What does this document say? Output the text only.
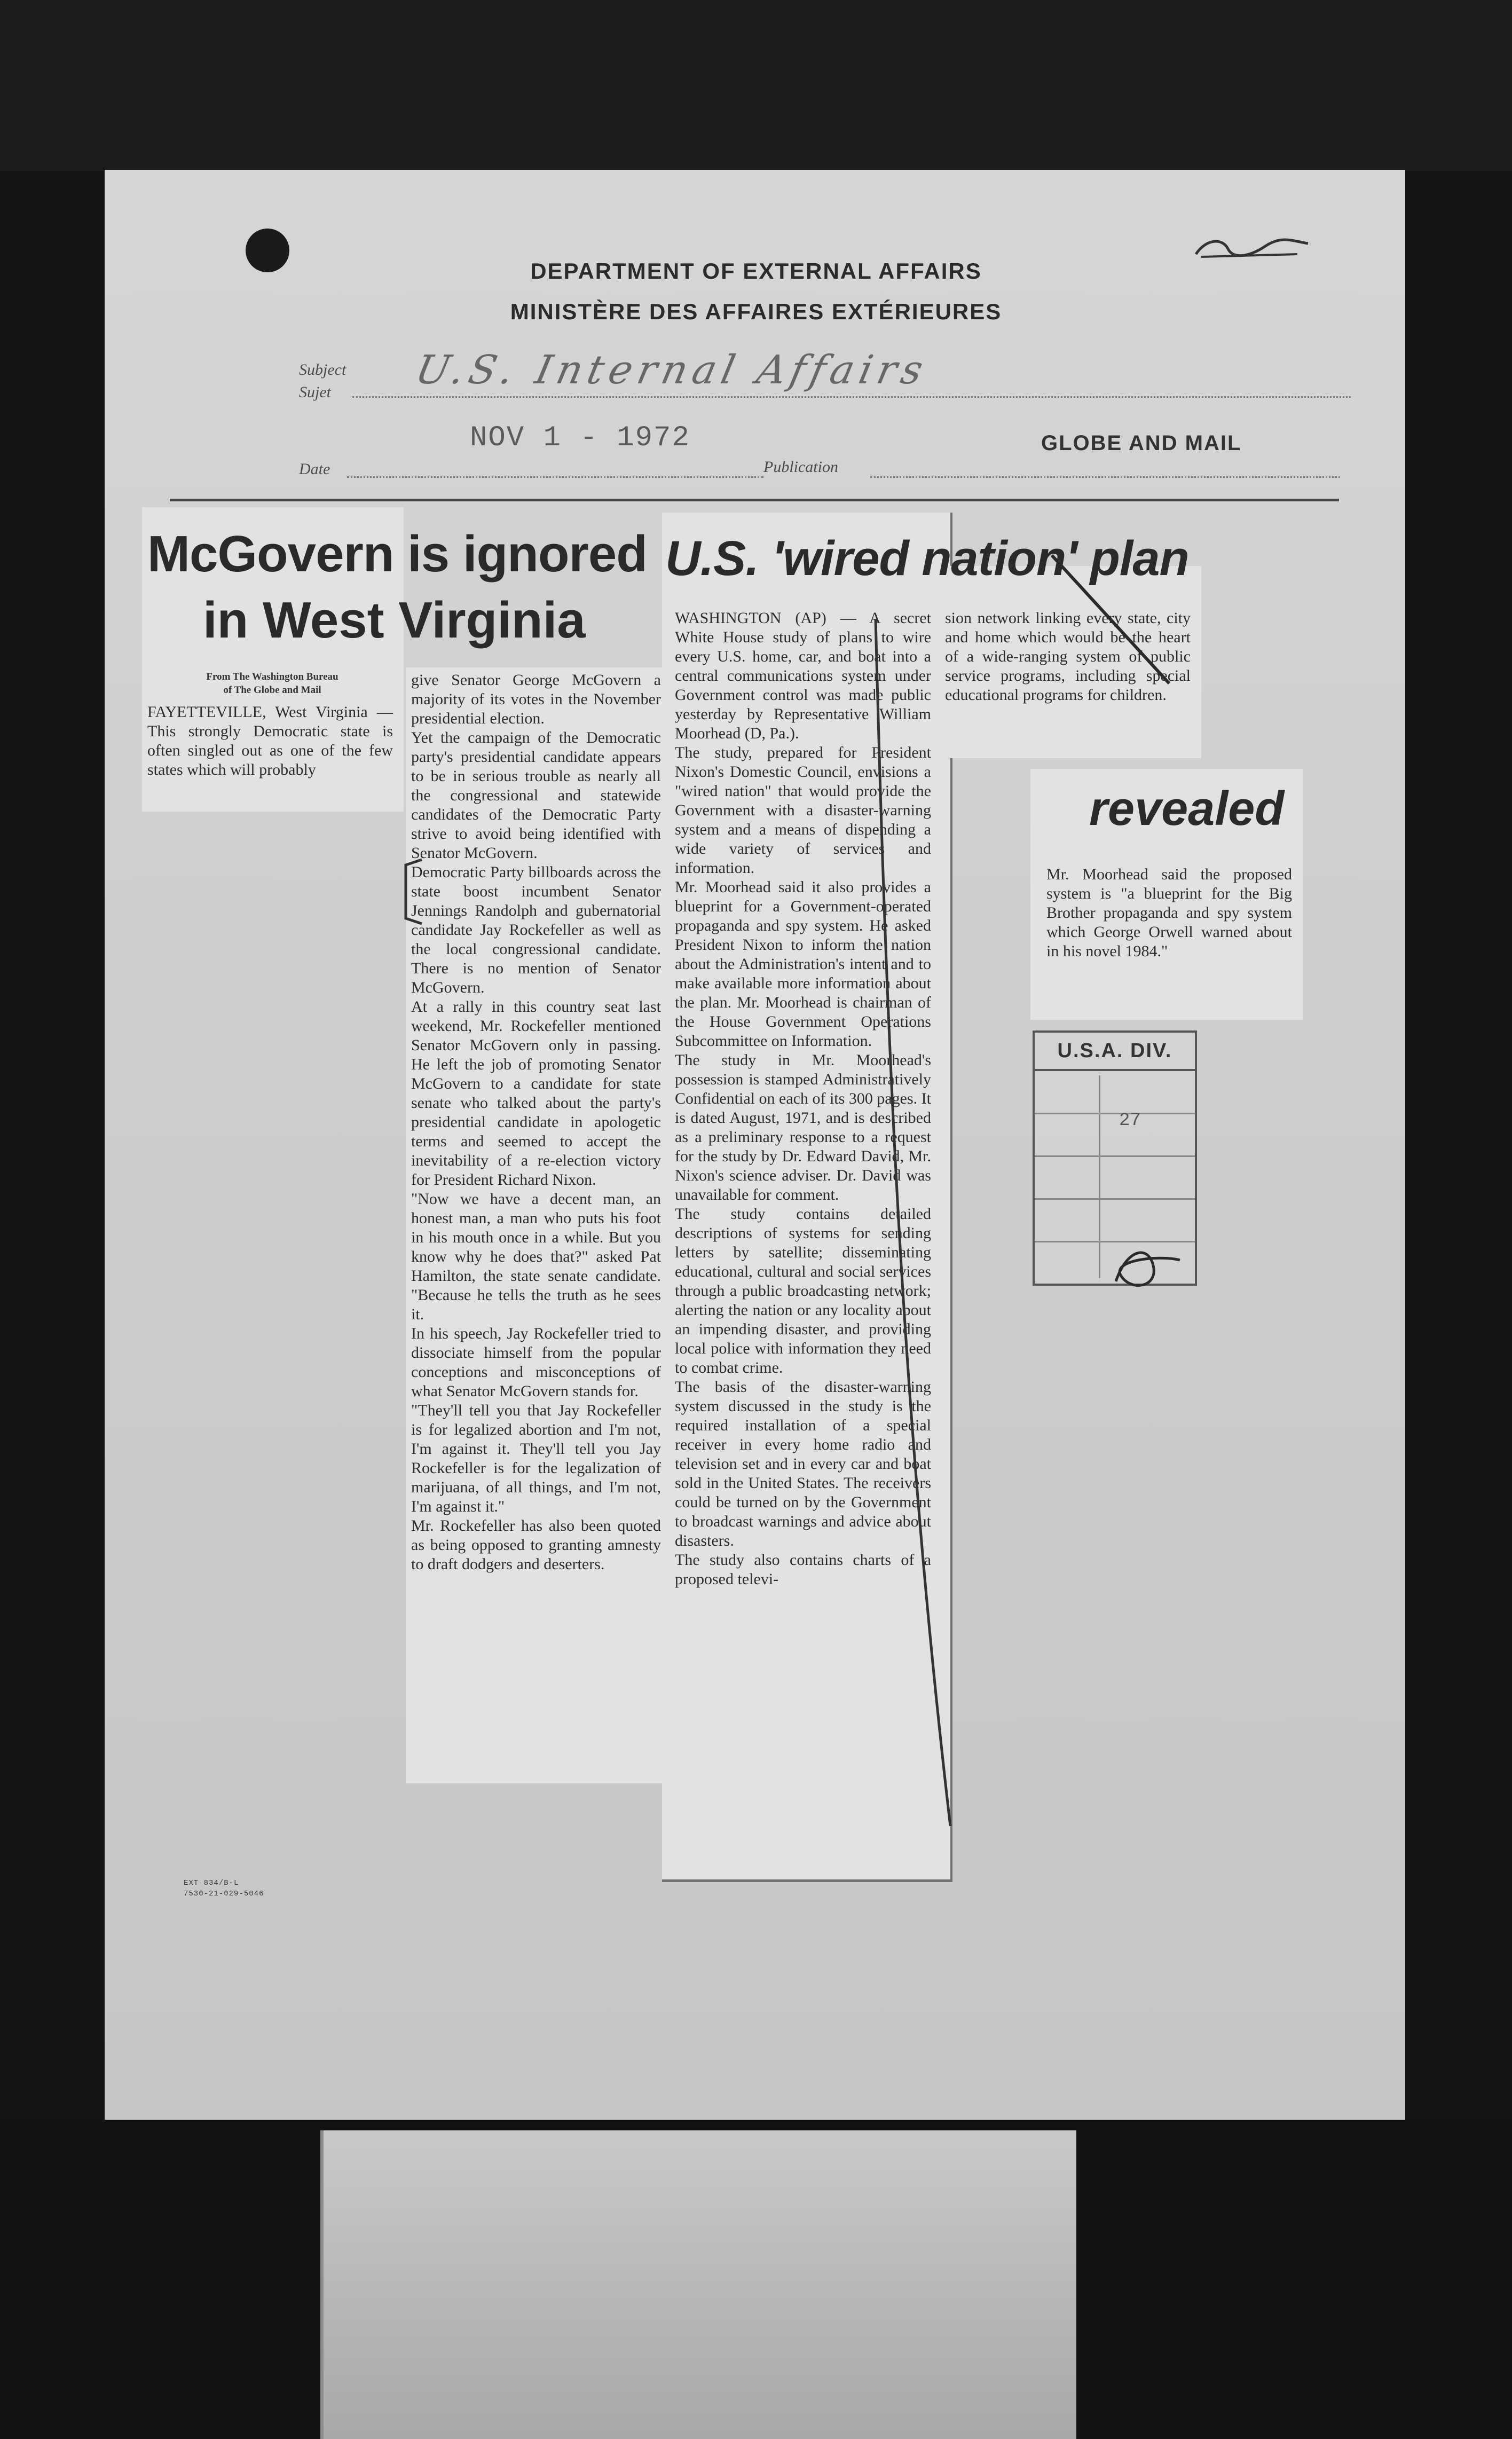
DEPARTMENT OF EXTERNAL AFFAIRS
MINISTÈRE DES AFFAIRES EXTÉRIEURES
Subject
Sujet U.S. Internal Affairs
Date
NOV 1 - 1972
Publication
GLOBE AND MAIL
McGovern is ignored
in West Virginia
From The Washington Bureau
of The Globe and Mail
FAYETTEVILLE, West Virginia — This strongly Democratic state is often singled out as one of the few states which will probably
give Senator George McGovern a majority of its votes in the November presidential election.
Yet the campaign of the Democratic party's presidential candidate appears to be in serious trouble as nearly all the congressional and statewide candidates of the Democratic Party strive to avoid being identified with Senator McGovern.
Democratic Party billboards across the state boost incumbent Senator Jennings Randolph and gubernatorial candidate Jay Rockefeller as well as the local congressional candidate. There is no mention of Senator McGovern.
At a rally in this country seat last weekend, Mr. Rockefeller mentioned Senator McGovern only in passing. He left the job of promoting Senator McGovern to a candidate for state senate who talked about the party's presidential candidate in apologetic terms and seemed to accept the inevitability of a re-election victory for President Richard Nixon.
"Now we have a decent man, an honest man, a man who puts his foot in his mouth once in a while. But you know why he does that?" asked Pat Hamilton, the state senate candidate. "Because he tells the truth as he sees it.
In his speech, Jay Rockefeller tried to dissociate himself from the popular conceptions and misconceptions of what Senator McGovern stands for.
"They'll tell you that Jay Rockefeller is for legalized abortion and I'm not, I'm against it. They'll tell you Jay Rockefeller is for the legalization of marijuana, of all things, and I'm not, I'm against it."
Mr. Rockefeller has also been quoted as being opposed to granting amnesty to draft dodgers and deserters.
U.S. 'wired nation' plan
WASHINGTON (AP) — A secret White House study of plans to wire every U.S. home, car, and boat into a central communications system under Government control was made public yesterday by Representative William Moorhead (D, Pa.).
The study, prepared for President Nixon's Domestic Council, envisions a "wired nation" that would provide the Government with a disaster-warning system and a means of dispending a wide variety of services and information.
Mr. Moorhead said it also provides a blueprint for a Government-operated propaganda and spy system. He asked President Nixon to inform the nation about the Administration's intent and to make available more information about the plan. Mr. Moorhead is chairman of the House Government Operations Subcommittee on Information.
The study in Mr. Moorhead's possession is stamped Administratively Confidential on each of its 300 pages. It is dated August, 1971, and is described as a preliminary response to a request for the study by Dr. Edward David, Mr. Nixon's science adviser. Dr. David was unavailable for comment.
The study contains detailed descriptions of systems for sending letters by satellite; disseminating educational, cultural and social services through a public broadcasting network; alerting the nation or any locality about an impending disaster, and providing local police with information they need to combat crime.
The basis of the disaster-warning system discussed in the study is the required installation of a special receiver in every home radio and television set and in every car and boat sold in the United States. The receivers could be turned on by the Government to broadcast warnings and advice about disasters.
The study also contains charts of a proposed televi-
sion network linking every state, city and home which would be the heart of a wide-ranging system of public service programs, including special educational programs for children.
revealed
Mr. Moorhead said the proposed system is "a blueprint for the Big Brother propaganda and spy system which George Orwell warned about in his novel 1984."
U.S.A. DIV.
27
EXT 834/B-L
7530-21-029-5046
